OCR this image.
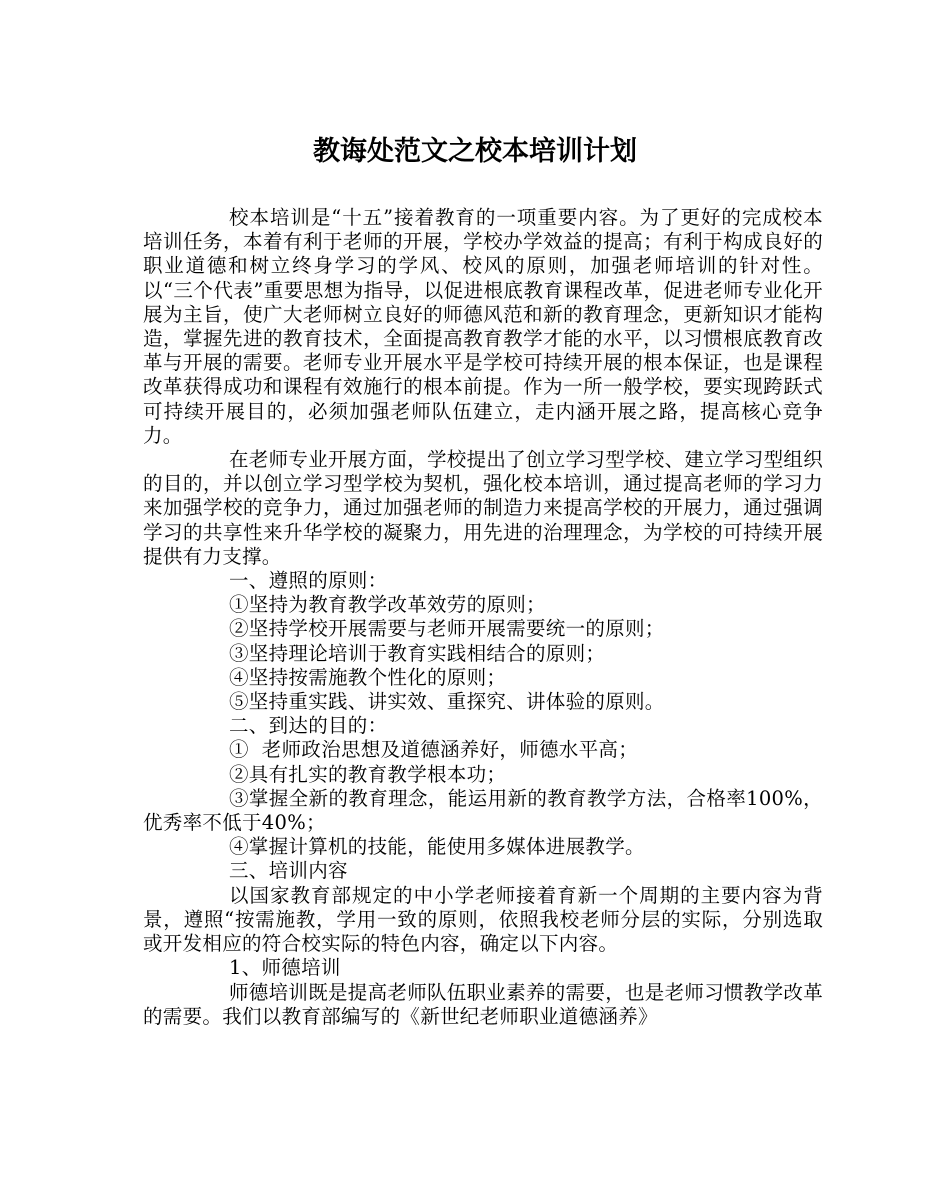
教诲处范文之校本培训计划

校本培训是“十五”接着教育的一项重要内容。为了更好的完成校本培训任务，本着有利于老师的开展，学校办学效益的提高；有利于构成良好的职业道德和树立终身学习的学风、校风的原则，加强老师培训的针对性。以“三个代表”重要思想为指导，以促进根底教育课程改革，促进老师专业化开展为主旨，使广大老师树立良好的师德风范和新的教育理念，更新知识才能构造，掌握先进的教育技术，全面提高教育教学才能的水平，以习惯根底教育改革与开展的需要。老师专业开展水平是学校可持续开展的根本保证，也是课程改革获得成功和课程有效施行的根本前提。作为一所一般学校，要实现跨跃式可持续开展目的，必须加强老师队伍建立，走内涵开展之路，提高核心竞争力。

在老师专业开展方面，学校提出了创立学习型学校、建立学习型组织的目的，并以创立学习型学校为契机，强化校本培训，通过提高老师的学习力来加强学校的竞争力，通过加强老师的制造力来提高学校的开展力，通过强调学习的共享性来升华学校的凝聚力，用先进的治理理念，为学校的可持续开展提供有力支撑。

一、遵照的原则：

①坚持为教育教学改革效劳的原则；

②坚持学校开展需要与老师开展需要统一的原则；

③坚持理论培训于教育实践相结合的原则；

④坚持按需施教个性化的原则；

⑤坚持重实践、讲实效、重探究、讲体验的原则。

二、到达的目的：

①  老师政治思想及道德涵养好，师德水平高；

②具有扎实的教育教学根本功；

③掌握全新的教育理念，能运用新的教育教学方法，合格率100%，优秀率不低于40%；

④掌握计算机的技能，能使用多媒体进展教学。

三、培训内容

以国家教育部规定的中小学老师接着育新一个周期的主要内容为背景，遵照“按需施教，学用一致的原则，依照我校老师分层的实际，分别选取或开发相应的符合校实际的特色内容，确定以下内容。

1、师德培训

师德培训既是提高老师队伍职业素养的需要，也是老师习惯教学改革的需要。我们以教育部编写的《新世纪老师职业道德涵养》
